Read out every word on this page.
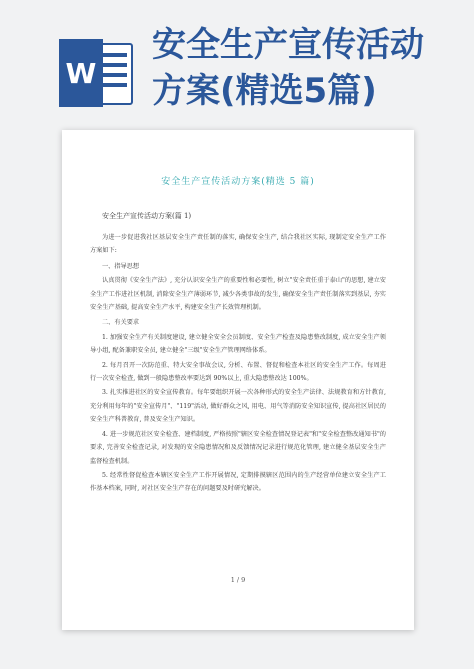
W
安全生产宣传活动
方案(精选5篇)
安全生产宣传活动方案(精选 5 篇)
安全生产宣传活动方案(篇 1)

为进一步促进我社区基层安全生产责任制的落实, 确保安全生产, 结合我社区实际, 现制定安全生产工作方案如下:

一、指导思想

认真贯彻《安全生产法》, 充分认识安全生产的重要性和必要性, 树立"安全责任重于泰山"的思想, 建立安全生产工作进社区机制, 消除安全生产薄弱环节, 减少各类事故的发生, 确保安全生产责任制落实到基层, 夯实安全生产基础, 提高安全生产水平, 构建安全生产长效管理机制。

二、有关要求

1. 加强安全生产有关制度建设, 建立健全安全会员制度、安全生产检查及隐患整改制度, 成立安全生产领导小组, 配备兼职安全员, 建立健全"三级"安全生产管理网络体系。

2. 每月召开一次防范重、特大安全事故会议, 分析、布置、督促和检查本社区的安全生产工作。每周进行一次安全检查, 做到一般隐患整改率要达到 90%以上, 重大隐患整改达 100%。

3. 扎实推进社区的安全宣传教育。每年要组织开展一次各种形式的安全生产法律、法规教育和方针教育, 充分利用每年的"安全宣传月"、"119"活动, 做好群众之风, 用电、用气等消防安全知识宣传, 提高社区居民的安全生产科普教育, 普及安全生产知识。

4. 进一步规范社区安全检查、建档制度, 严格按照"辖区安全检查情况登记表"和"安全检查整改通知书"的要求, 完善安全检查记录, 对发现的安全隐患情况和及反馈情况记录进行规范化管理, 建立健全基层安全生产监督检查机制。

5. 经常性督促检查本辖区安全生产工作开展情况, 定期排摸辖区范围内的生产经营单位建立安全生产工作基本档案, 同时, 对社区安全生产存在的问题要及时研究解决。

1 / 9
